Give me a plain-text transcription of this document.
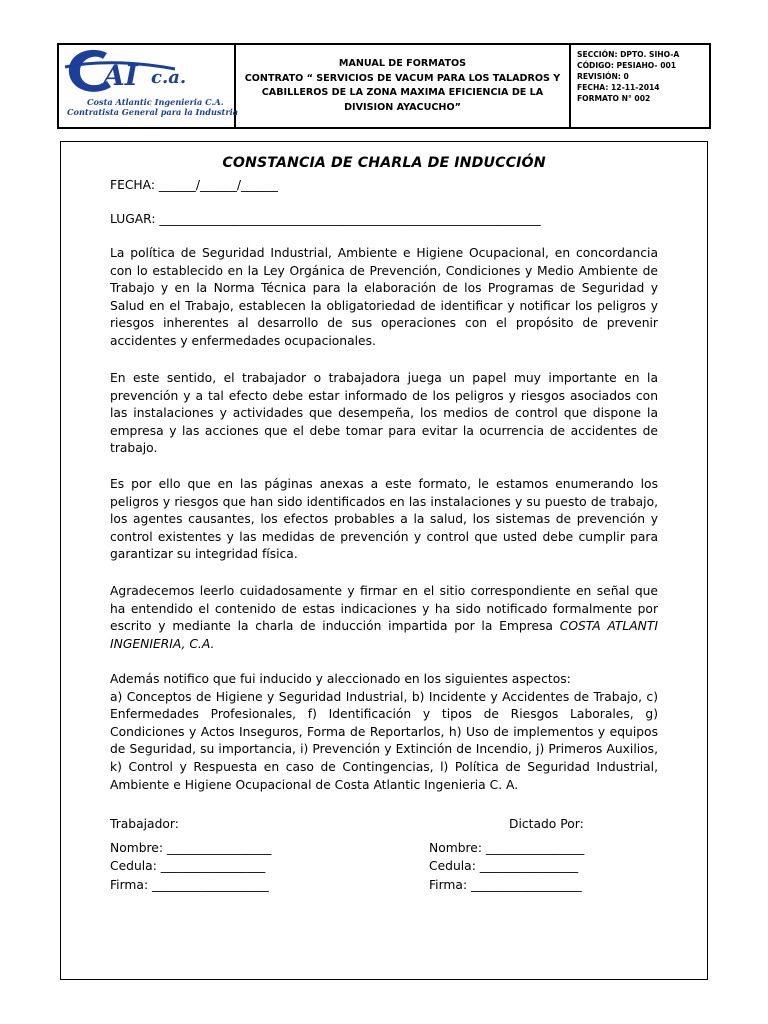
AI c.a.
Costa Atlantic Ingenieria C.A.
Contratista General para la Industria
MANUAL DE FORMATOS
CONTRATO “ SERVICIOS DE VACUM PARA LOS TALADROS Y CABILLEROS DE LA ZONA MAXIMA EFICIENCIA DE LA DIVISION AYACUCHO”
SECCIÓN: DPTO. SIHO-A
CÓDIGO: PESIAHO- 001
REVISIÓN: 0
FECHA: 12-11-2014
FORMATO N° 002
CONSTANCIA DE CHARLA DE INDUCCIÓN
FECHA: ______/______/______
LUGAR: ______________________________________________________________
La política de Seguridad Industrial, Ambiente e Higiene Ocupacional, en concordancia con lo establecido en la Ley Orgánica de Prevención, Condiciones y Medio Ambiente de Trabajo y en la Norma Técnica para la elaboración de los Programas de Seguridad y Salud en el Trabajo, establecen la obligatoriedad de identificar y notificar los peligros y riesgos inherentes al desarrollo de sus operaciones con el propósito de prevenir accidentes y enfermedades ocupacionales.
En este sentido, el trabajador o trabajadora juega un papel muy importante en la prevención y a tal efecto debe estar informado de los peligros y riesgos asociados con las instalaciones y actividades que desempeña, los medios de control que dispone la empresa y las acciones que el debe tomar para evitar la ocurrencia de accidentes de trabajo.
Es por ello que en las páginas anexas a este formato, le estamos enumerando los peligros y riesgos que han sido identificados en las instalaciones y su puesto de trabajo, los agentes causantes, los efectos probables a la salud, los sistemas de prevención y control existentes y las medidas de prevención y control que usted debe cumplir para garantizar su integridad física.
Agradecemos leerlo cuidadosamente y firmar en el sitio correspondiente en señal que ha entendido el contenido de estas indicaciones y ha sido notificado formalmente por escrito y mediante la charla de inducción impartida por la Empresa COSTA ATLANTI INGENIERIA, C.A.
Además notifico que fui inducido y aleccionado en los siguientes aspectos:
a) Conceptos de Higiene y Seguridad Industrial, b) Incidente y Accidentes de Trabajo, c) Enfermedades Profesionales, f) Identificación y tipos de Riesgos Laborales, g) Condiciones y Actos Inseguros, Forma de Reportarlos, h) Uso de implementos y equipos de Seguridad, su importancia, i) Prevención y Extinción de Incendio, j) Primeros Auxilios, k) Control y Respuesta en caso de Contingencias, l) Política de Seguridad Industrial, Ambiente e Higiene Ocupacional de Costa Atlantic Ingenieria C. A.
Trabajador:
Nombre: _________________
Cedula: _________________
Firma: ___________________
Dictado Por:
Nombre: ________________
Cedula: ________________
Firma: __________________
